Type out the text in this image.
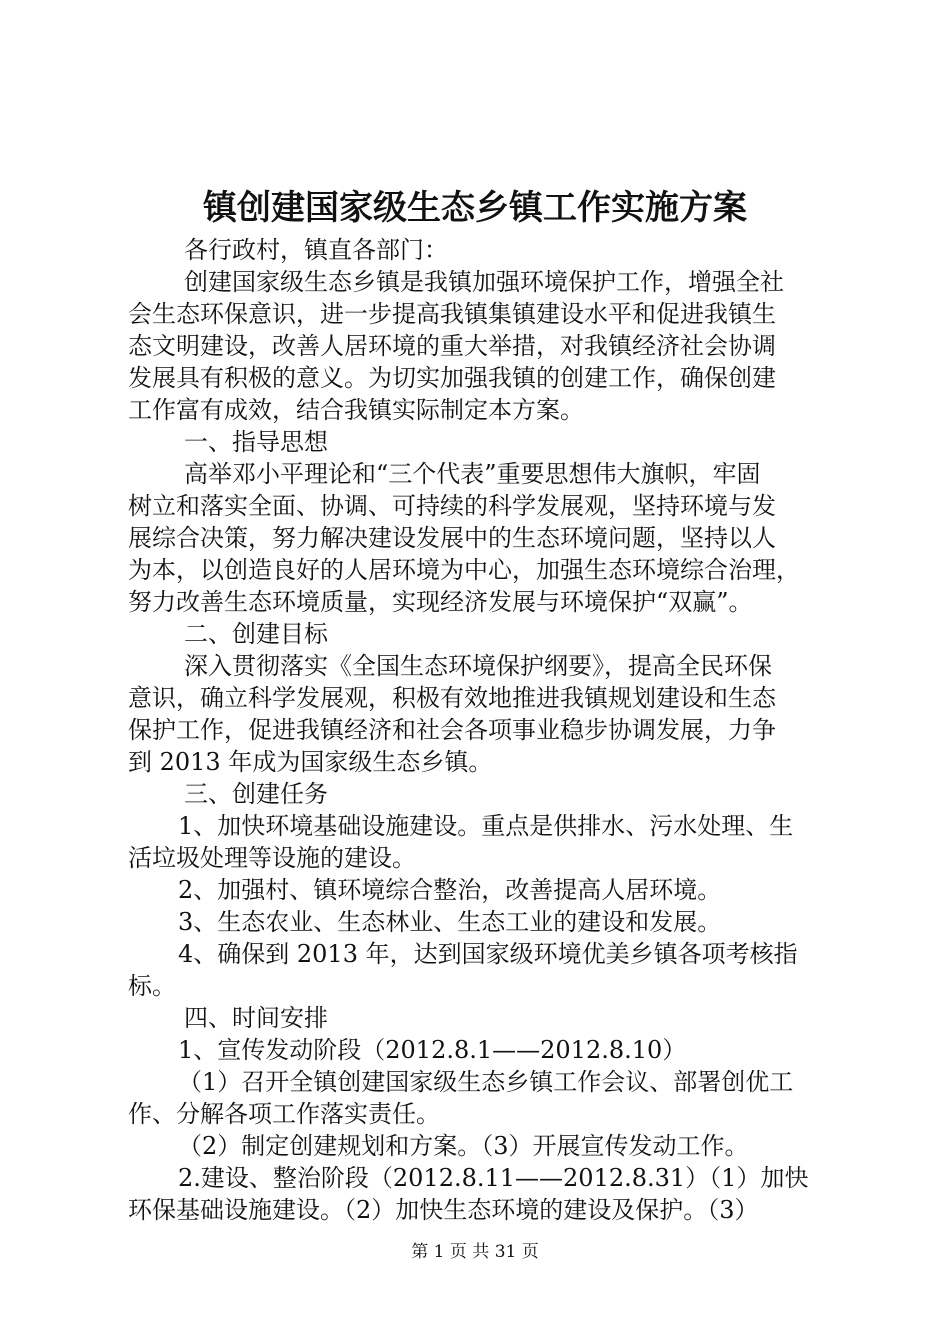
镇创建国家级生态乡镇工作实施方案
各行政村，镇直各部门：
创建国家级生态乡镇是我镇加强环境保护工作，增强全社
会生态环保意识，进一步提高我镇集镇建设水平和促进我镇生
态文明建设，改善人居环境的重大举措，对我镇经济社会协调
发展具有积极的意义。为切实加强我镇的创建工作，确保创建
工作富有成效，结合我镇实际制定本方案。
一、指导思想
高举邓小平理论和“三个代表”重要思想伟大旗帜，牢固
树立和落实全面、协调、可持续的科学发展观，坚持环境与发
展综合决策，努力解决建设发展中的生态环境问题，坚持以人
为本，以创造良好的人居环境为中心，加强生态环境综合治理，
努力改善生态环境质量，实现经济发展与环境保护“双赢”。
二、创建目标
深入贯彻落实《全国生态环境保护纲要》，提高全民环保
意识，确立科学发展观，积极有效地推进我镇规划建设和生态
保护工作，促进我镇经济和社会各项事业稳步协调发展，力争
到 2013 年成为国家级生态乡镇。
三、创建任务
1、加快环境基础设施建设。重点是供排水、污水处理、生
活垃圾处理等设施的建设。
2、加强村、镇环境综合整治，改善提高人居环境。
3、生态农业、生态林业、生态工业的建设和发展。
4、确保到 2013 年，达到国家级环境优美乡镇各项考核指
标。
四、时间安排
1、宣传发动阶段（2012.8.1——2012.8.10）
（1）召开全镇创建国家级生态乡镇工作会议、部署创优工
作、分解各项工作落实责任。
（2）制定创建规划和方案。（3）开展宣传发动工作。
2.建设、整治阶段（2012.8.11——2012.8.31）（1）加快
环保基础设施建设。（2）加快生态环境的建设及保护。（3）
第 1 页 共 31 页
